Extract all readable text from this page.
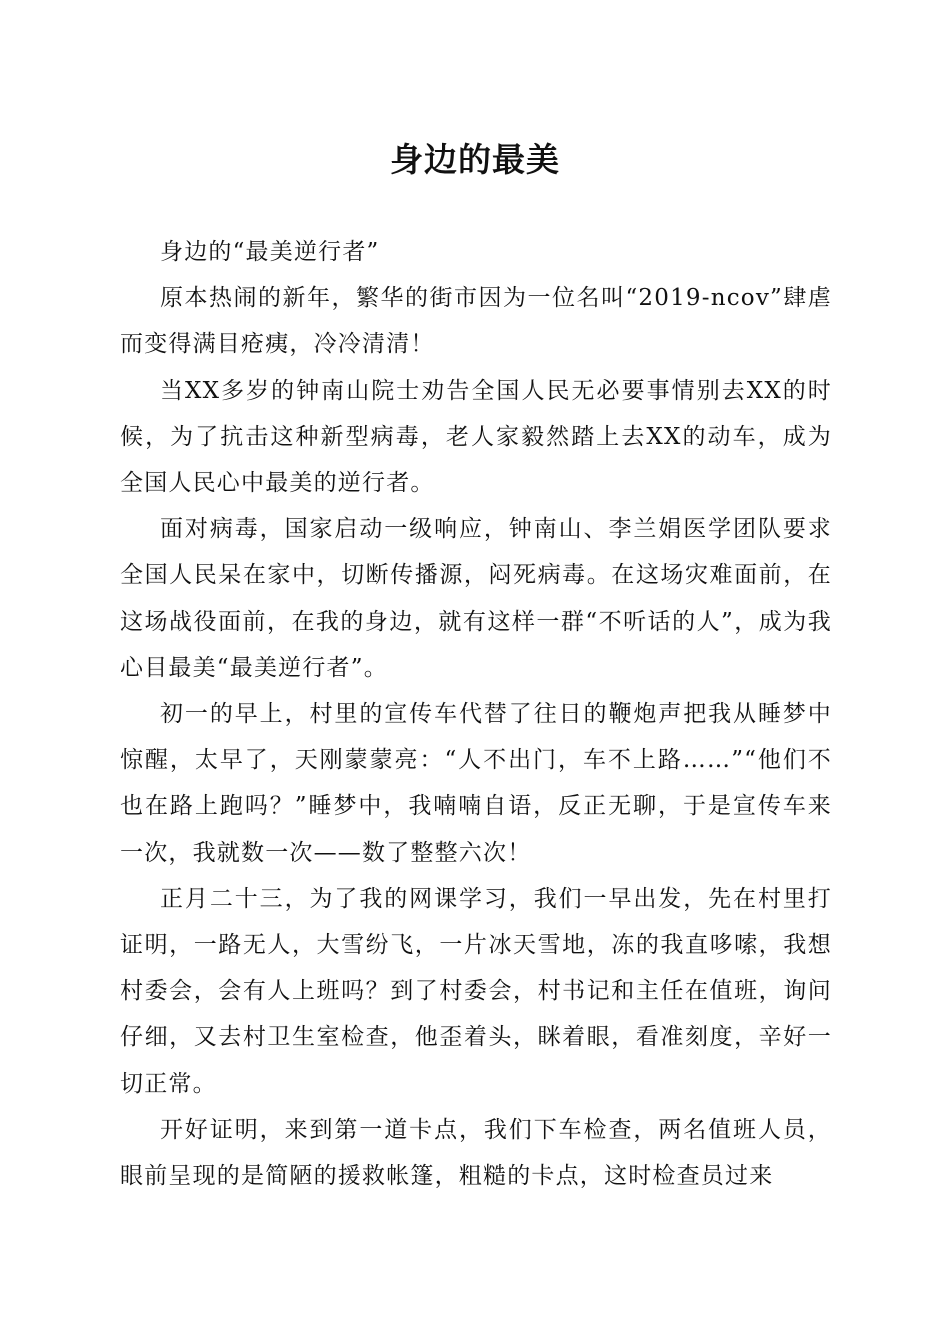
身边的最美

身边的“最美逆行者”

原本热闹的新年，繁华的街市因为一位名叫“2019-ncov”肆虐而变得满目疮痍，冷冷清清！

当XX多岁的钟南山院士劝告全国人民无必要事情别去XX的时候，为了抗击这种新型病毒，老人家毅然踏上去XX的动车，成为全国人民心中最美的逆行者。

面对病毒，国家启动一级响应，钟南山、李兰娟医学团队要求全国人民呆在家中，切断传播源，闷死病毒。在这场灾难面前，在这场战役面前，在我的身边，就有这样一群“不听话的人”，成为我心目最美“最美逆行者”。

初一的早上，村里的宣传车代替了往日的鞭炮声把我从睡梦中惊醒，太早了，天刚蒙蒙亮：“人不出门，车不上路……”“他们不也在路上跑吗？”睡梦中，我喃喃自语，反正无聊，于是宣传车来一次，我就数一次——数了整整六次！

正月二十三，为了我的网课学习，我们一早出发，先在村里打证明，一路无人，大雪纷飞，一片冰天雪地，冻的我直哆嗦，我想村委会，会有人上班吗？到了村委会，村书记和主任在值班，询问仔细，又去村卫生室检查，他歪着头，眯着眼，看准刻度，辛好一切正常。

开好证明，来到第一道卡点，我们下车检查，两名值班人员，眼前呈现的是简陋的援救帐篷，粗糙的卡点，这时检查员过来
